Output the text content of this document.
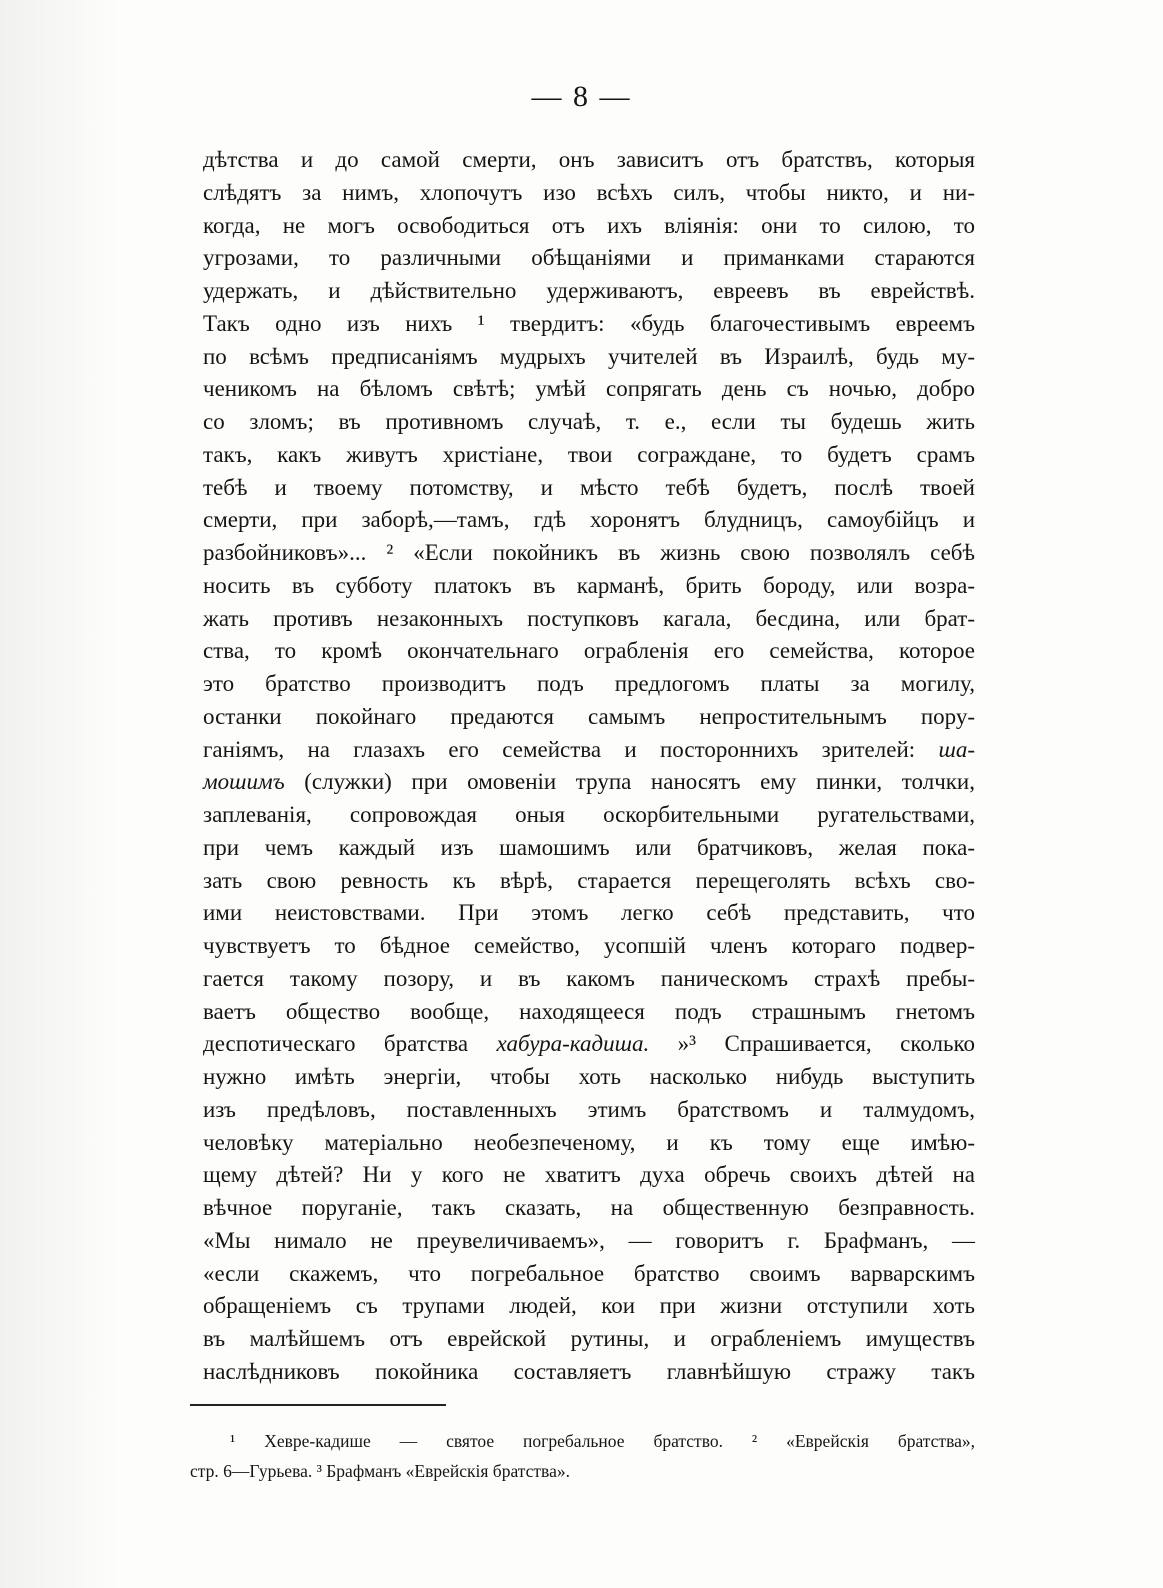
— 8 —
дѣтства и до самой смерти, онъ зависитъ отъ братствъ, которыя
слѣдятъ за нимъ, хлопочутъ изо всѣхъ силъ, чтобы никто, и ни-
когда, не могъ освободиться отъ ихъ вліянія: они то силою, то
угрозами, то различными обѣщаніями и приманками стараются
удержать, и дѣйствительно удерживаютъ, евреевъ въ еврействѣ.
Такъ одно изъ нихъ ¹ твердитъ: «будь благочестивымъ евреемъ
по всѣмъ предписаніямъ мудрыхъ учителей въ Израилѣ, будь му-
ченикомъ на бѣломъ свѣтѣ; умѣй сопрягать день съ ночью, добро
со зломъ; въ противномъ случаѣ, т. е., если ты будешь жить
такъ, какъ живутъ христiане, твои сограждане, то будетъ срамъ
тебѣ и твоему потомству, и мѣсто тебѣ будетъ, послѣ твоей
смерти, при заборѣ,—тамъ, гдѣ хоронятъ блудницъ, самоубiйцъ и
разбойниковъ»... ² «Если покойникъ въ жизнь свою позволялъ себѣ
носить въ субботу платокъ въ карманѣ, брить бороду, или возра-
жать противъ незаконныхъ поступковъ кагала, бесдина, или брат-
ства, то кромѣ окончательнаго ограбленія его семейства, которое
это братство производитъ подъ предлогомъ платы за могилу,
останки покойнаго предаются самымъ непростительнымъ пору-
ганіямъ, на глазахъ его семейства и постороннихъ зрителей: ша-
мошимъ (служки) при омовеніи трупа наносятъ ему пинки, толчки,
заплеванія, сопровождая оныя оскорбительными ругательствами,
при чемъ каждый изъ шамошимъ или братчиковъ, желая пока-
зать свою ревность къ вѣрѣ, старается перещеголять всѣхъ сво-
ими неистовствами. При этомъ легко себѣ представить, что
чувствуетъ то бѣдное семейство, усопшій членъ котораго подвер-
гается такому позору, и въ какомъ паническомъ страхѣ пребы-
ваетъ общество вообще, находящееся подъ страшнымъ гнетомъ
деспотическаго братства хабура-кадиша. »³ Спрашивается, сколько
нужно имѣть энергіи, чтобы хоть насколько нибудь выступить
изъ предѣловъ, поставленныхъ этимъ братствомъ и талмудомъ,
человѣку матеріально необезпеченому, и къ тому еще имѣю-
щему дѣтей? Ни у кого не хватитъ духа обречь своихъ дѣтей на
вѣчное поруганіе, такъ сказать, на общественную безправность.
«Мы нимало не преувеличиваемъ», — говоритъ г. Брафманъ, —
«если скажемъ, что погребальное братство своимъ варварскимъ
обращеніемъ съ трупами людей, кои при жизни отступили хоть
въ малѣйшемъ отъ еврейской рутины, и ограбленіемъ имуществъ
наслѣдниковъ покойника составляетъ главнѣйшую стражу такъ
¹ Хевре-кадише — святое погребальное братство. ² «Еврейскія братства»,
стр. 6—Гурьева. ³ Брафманъ «Еврейскія братства».
